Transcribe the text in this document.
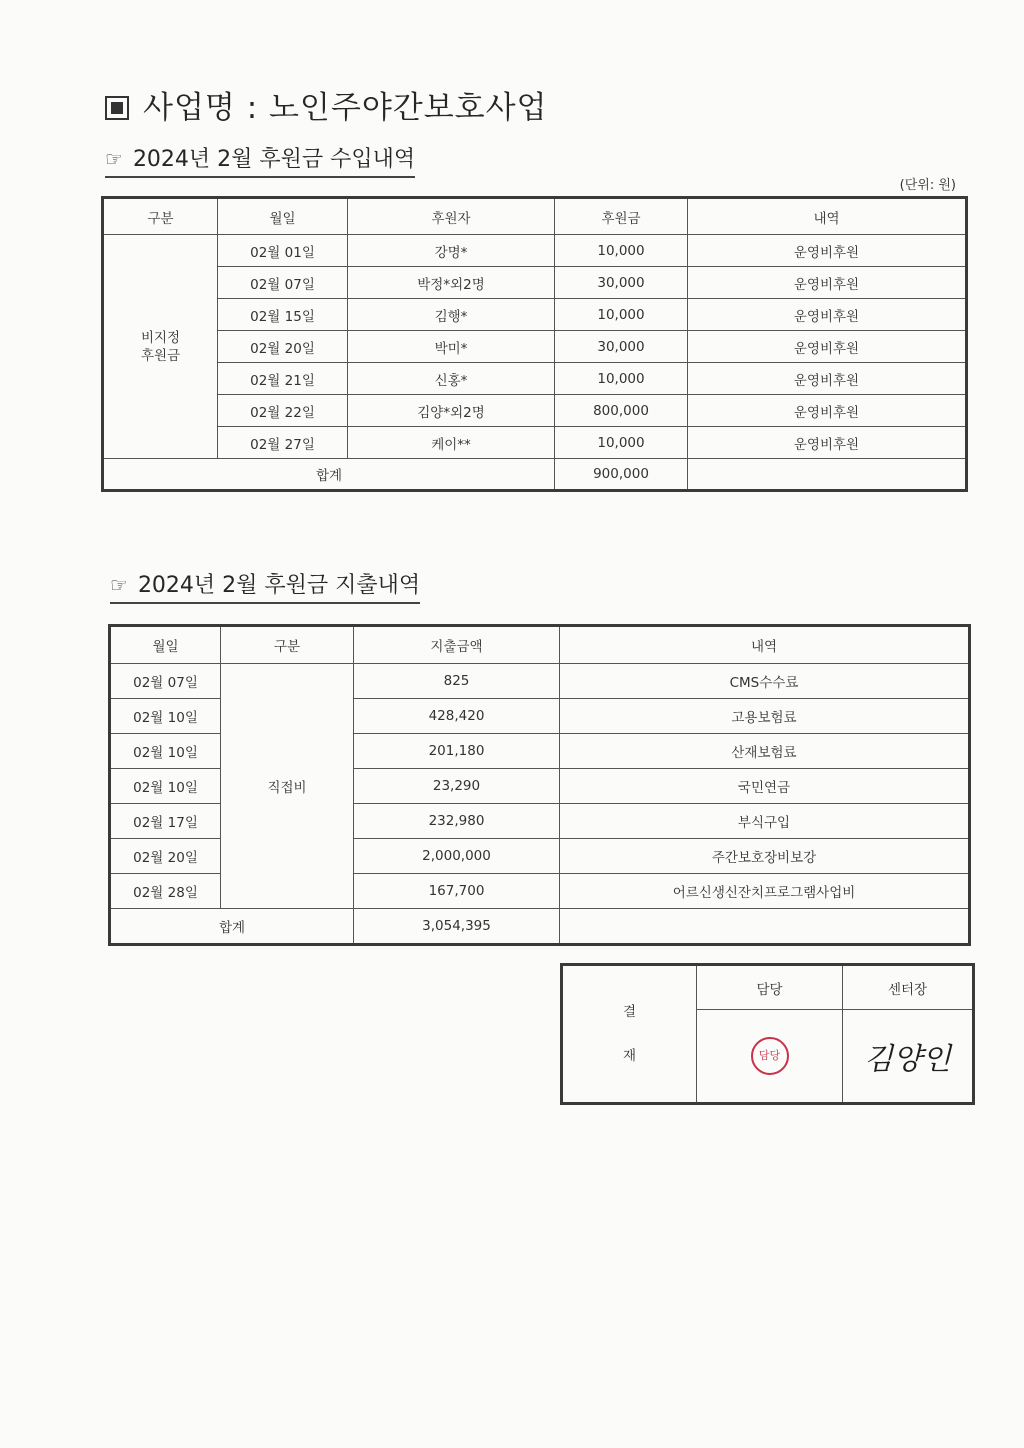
사업명 : 노인주야간보호사업
☞ 2024년 2월 후원금 수입내역
(단위: 원)
구분	월일	후원자	후원금	내역
비지정 후원금	02월 01일	강명*	10,000	운영비후원
	02월 07일	박정*외2명	30,000	운영비후원
	02월 15일	김행*	10,000	운영비후원
	02월 20일	박미*	30,000	운영비후원
	02월 21일	신홍*	10,000	운영비후원
	02월 22일	김양*외2명	800,000	운영비후원
	02월 27일	케이**	10,000	운영비후원
합계			900,000	
☞ 2024년 2월 후원금 지출내역
월일	구분	지출금액	내역
02월 07일	직접비	825	CMS수수료
02월 10일		428,420	고용보험료
02월 10일		201,180	산재보험료
02월 10일		23,290	국민연금
02월 17일		232,980	부식구입
02월 20일		2,000,000	주간보호장비보강
02월 28일		167,700	어르신생신잔치프로그램사업비
합계		3,054,395	
결
재	담당	센터장
	담당	김양인
